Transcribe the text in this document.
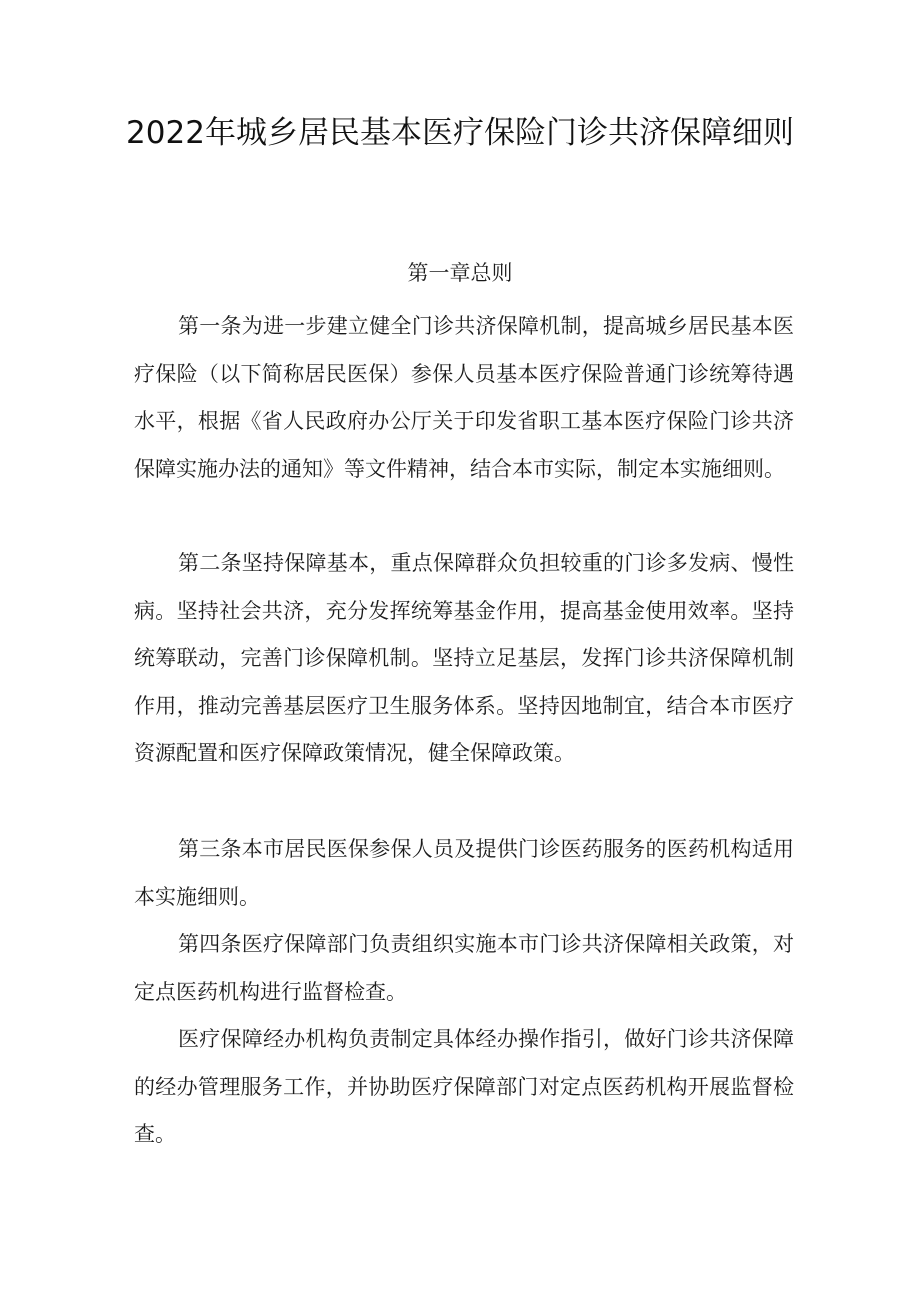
2022年城乡居民基本医疗保险门诊共济保障细则
第一章总则

第一条为进一步建立健全门诊共济保障机制，提高城乡居民基本医疗保险（以下简称居民医保）参保人员基本医疗保险普通门诊统筹待遇水平，根据《省人民政府办公厅关于印发省职工基本医疗保险门诊共济保障实施办法的通知》等文件精神，结合本市实际，制定本实施细则。

第二条坚持保障基本，重点保障群众负担较重的门诊多发病、慢性病。坚持社会共济，充分发挥统筹基金作用，提高基金使用效率。坚持统筹联动，完善门诊保障机制。坚持立足基层，发挥门诊共济保障机制作用，推动完善基层医疗卫生服务体系。坚持因地制宜，结合本市医疗资源配置和医疗保障政策情况，健全保障政策。

第三条本市居民医保参保人员及提供门诊医药服务的医药机构适用本实施细则。

第四条医疗保障部门负责组织实施本市门诊共济保障相关政策，对定点医药机构进行监督检查。

医疗保障经办机构负责制定具体经办操作指引，做好门诊共济保障的经办管理服务工作，并协助医疗保障部门对定点医药机构开展监督检查。
